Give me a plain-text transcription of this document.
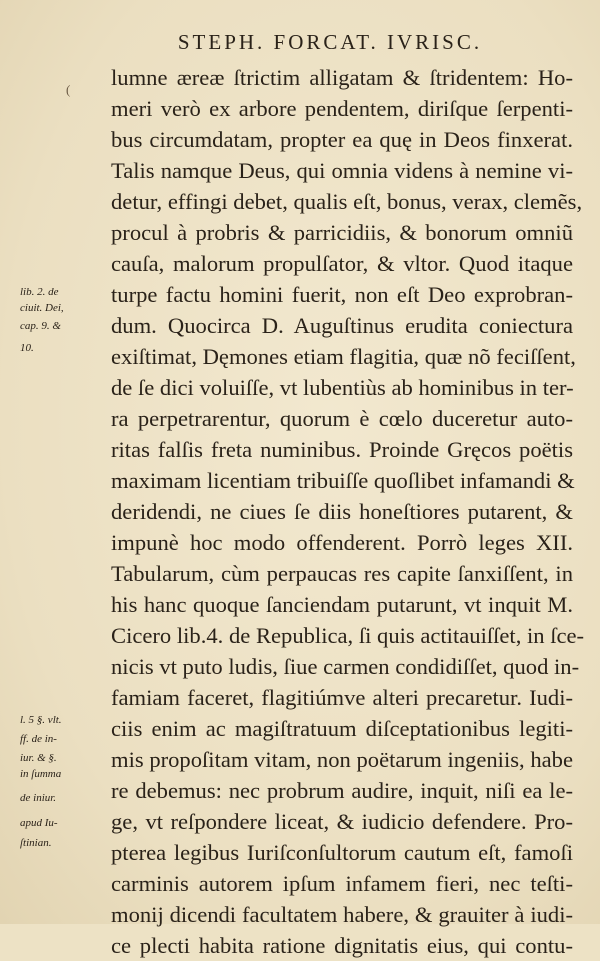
STEPH. FORCAT. IVRISC.
( lumne æreæ ſtrictim alligatam & ſtridentem: Ho-
meri verò ex arbore pendentem, diriſque ſerpenti-
bus circumdatam, propter ea quę in Deos finxerat.
Talis namque Deus, qui omnia videns à nemine vi-
detur, effingi debet, qualis eſt, bonus, verax, clemẽs,
procul à probris & parricidiis, & bonorum omniũ
cauſa, malorum propulſator, & vltor. Quod itaque
turpe factu homini fuerit, non eſt Deo exprobran-
dum. Quocirca D. Auguſtinus erudita coniectura
exiſtimat, Dęmones etiam flagitia, quæ nõ feciſſent,
de ſe dici voluiſſe, vt lubentiùs ab hominibus in ter-
ra perpetrarentur, quorum è cœlo duceretur auto-
ritas falſis freta numinibus. Proinde Gręcos poëtis
maximam licentiam tribuiſſe quoſlibet infamandi &
deridendi, ne ciues ſe diis honeſtiores putarent, &
impunè hoc modo offenderent. Porrò leges XII.
Tabularum, cùm perpaucas res capite ſanxiſſent, in
his hanc quoque ſanciendam putarunt, vt inquit M.
Cicero lib.4. de Republica, ſi quis actitauiſſet, in ſce-
nicis vt puto ludis, ſiue carmen condidiſſet, quod in-
famiam faceret, flagitiúmve alteri precaretur. Iudi-
ciis enim ac magiſtratuum diſceptationibus legiti-
mis propoſitam vitam, non poëtarum ingeniis, habe
re debemus: nec probrum audire, inquit, niſi ea le-
ge, vt reſpondere liceat, & iudicio defendere. Pro-
pterea legibus Iuriſconſultorum cautum eſt, famoſi
carminis autorem ipſum infamem fieri, nec teſti-
monij dicendi facultatem habere, & grauiter à iudi-
ce plecti habita ratione dignitatis eius, qui contu-
lib. 2. de
ciuit. Dei,
cap. 9. &
10.
l. 5 §. vlt.
ff. de in-
iur. & §.
in ſumma
de iniur.
apud Iu-
ſtinian.
